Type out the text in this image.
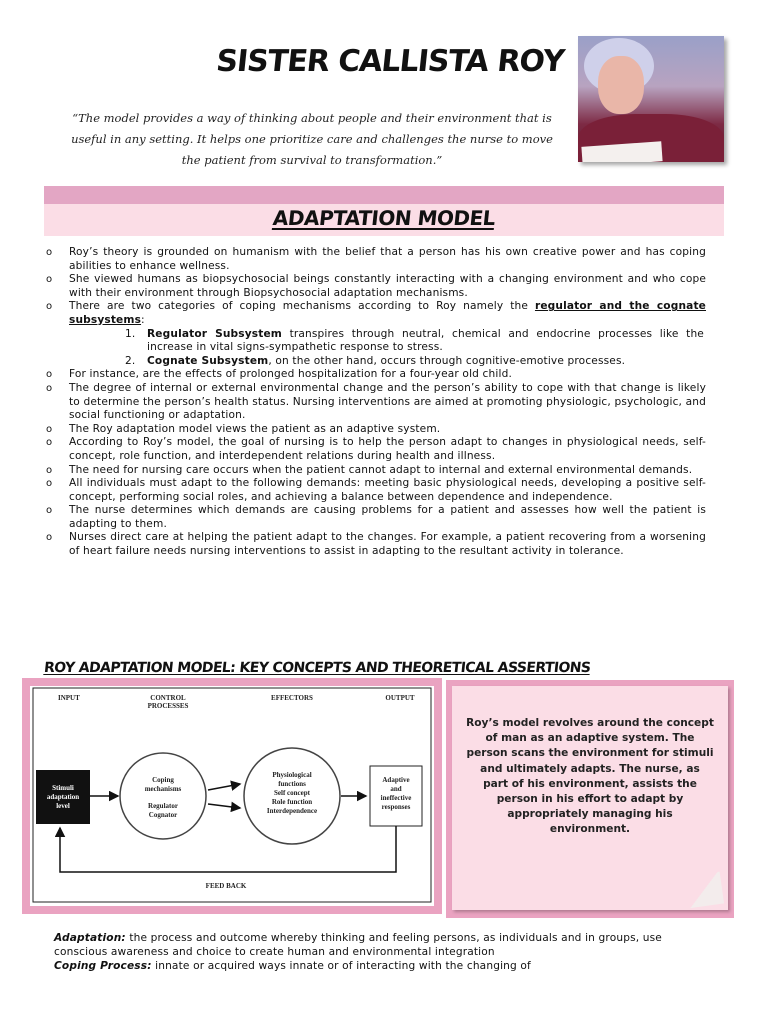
SISTER CALLISTA ROY
“The model provides a way of thinking about people and their environment that is useful in any setting. It helps one prioritize care and challenges the nurse to move the patient from survival to transformation.”
ADAPTATION MODEL
o Roy’s theory is grounded on humanism with the belief that a person has his own creative power and has coping abilities to enhance wellness.
o She viewed humans as biopsychosocial beings constantly interacting with a changing environment and who cope with their environment through Biopsychosocial adaptation mechanisms.
o There are two categories of coping mechanisms according to Roy namely the regulator and the cognate subsystems:
1. Regulator Subsystem transpires through neutral, chemical and endocrine processes like the increase in vital signs-sympathetic response to stress.
2. Cognate Subsystem, on the other hand, occurs through cognitive-emotive processes.
o For instance, are the effects of prolonged hospitalization for a four-year old child.
o The degree of internal or external environmental change and the person’s ability to cope with that change is likely to determine the person’s health status. Nursing interventions are aimed at promoting physiologic, psychologic, and social functioning or adaptation.
o The Roy adaptation model views the patient as an adaptive system.
o According to Roy’s model, the goal of nursing is to help the person adapt to changes in physiological needs, self-concept, role function, and interdependent relations during health and illness.
o The need for nursing care occurs when the patient cannot adapt to internal and external environmental demands.
o All individuals must adapt to the following demands: meeting basic physiological needs, developing a positive self-concept, performing social roles, and achieving a balance between dependence and independence.
o The nurse determines which demands are causing problems for a patient and assesses how well the patient is adapting to them.
o Nurses direct care at helping the patient adapt to the changes. For example, a patient recovering from a worsening of heart failure needs nursing interventions to assist in adapting to the resultant activity in tolerance.
ROY ADAPTATION MODEL: KEY CONCEPTS AND THEORETICAL ASSERTIONS
INPUT	CONTROL
PROCESSES
EFFECTORS	OUTPUT
Stimuli
adaptation
level
Coping
mechanisms
Regulator
Cognator
Physiological
functions
Self concept
Role function
Interdependence
Adaptive
and
ineffective
responses
FEED BACK
Roy’s model revolves around the concept of man as an adaptive system. The person scans the environment for stimuli and ultimately adapts. The nurse, as part of his environment, assists the person in his effort to adapt by appropriately managing his environment.
Adaptation: the process and outcome whereby thinking and feeling persons, as individuals and in groups, use conscious awareness and choice to create human and environmental integration
Coping Process: innate or acquired ways innate or of interacting with the changing of
